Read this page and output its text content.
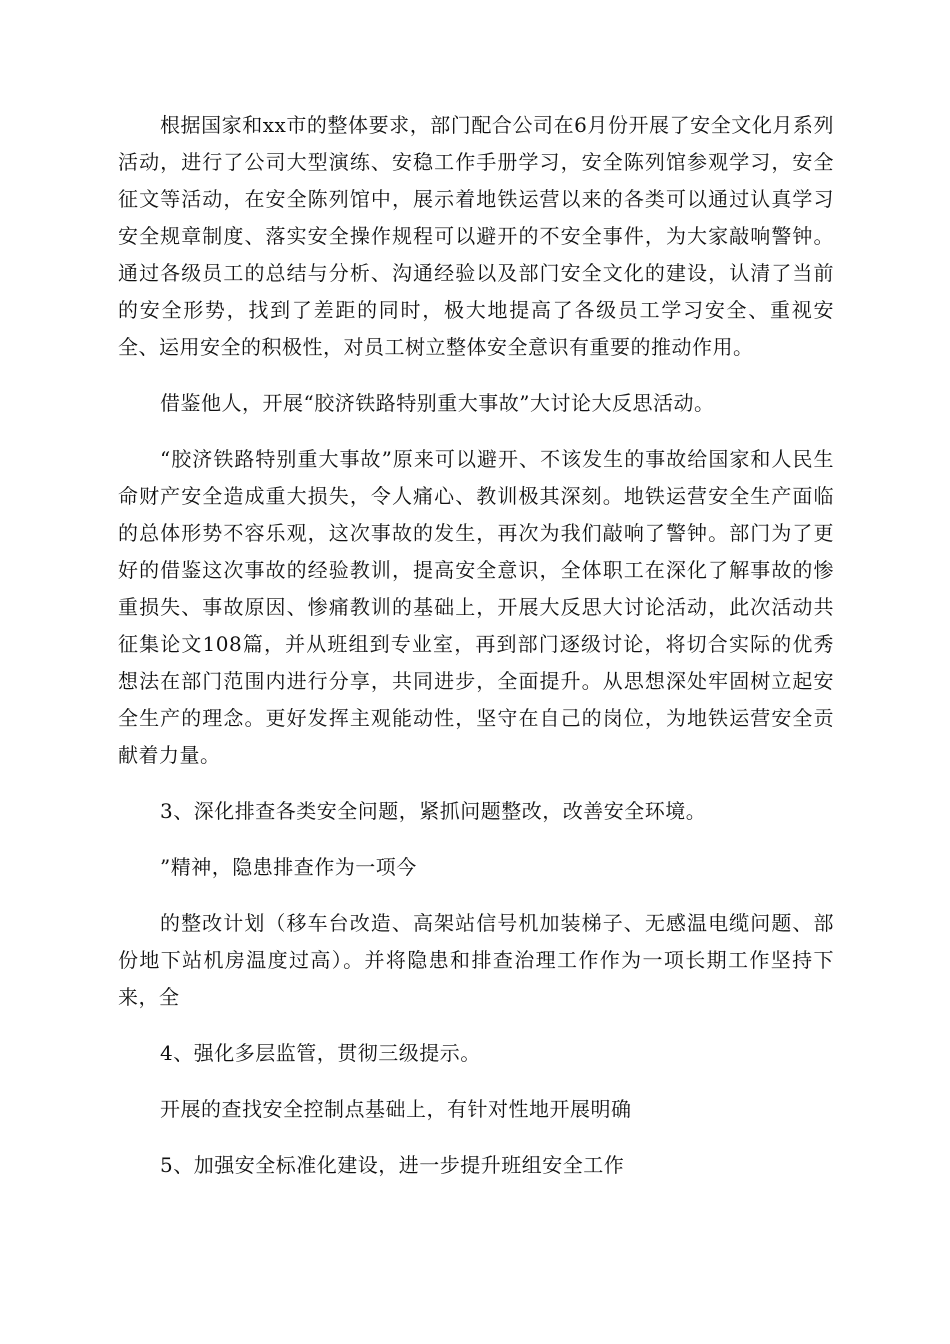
根据国家和xx市的整体要求，部门配合公司在6月份开展了安全文化月系列活动，进行了公司大型演练、安稳工作手册学习，安全陈列馆参观学习，安全征文等活动，在安全陈列馆中，展示着地铁运营以来的各类可以通过认真学习安全规章制度、落实安全操作规程可以避开的不安全事件，为大家敲响警钟。通过各级员工的总结与分析、沟通经验以及部门安全文化的建设，认清了当前的安全形势，找到了差距的同时，极大地提高了各级员工学习安全、重视安全、运用安全的积极性，对员工树立整体安全意识有重要的推动作用。

借鉴他人，开展“胶济铁路特别重大事故”大讨论大反思活动。

“胶济铁路特别重大事故”原来可以避开、不该发生的事故给国家和人民生命财产安全造成重大损失，令人痛心、教训极其深刻。地铁运营安全生产面临的总体形势不容乐观，这次事故的发生，再次为我们敲响了警钟。部门为了更好的借鉴这次事故的经验教训，提高安全意识，全体职工在深化了解事故的惨重损失、事故原因、惨痛教训的基础上，开展大反思大讨论活动，此次活动共征集论文108篇，并从班组到专业室，再到部门逐级讨论，将切合实际的优秀想法在部门范围内进行分享，共同进步，全面提升。从思想深处牢固树立起安全生产的理念。更好发挥主观能动性，坚守在自己的岗位，为地铁运营安全贡献着力量。

3、深化排查各类安全问题，紧抓问题整改，改善安全环境。

”精神，隐患排查作为一项今

的整改计划（移车台改造、高架站信号机加装梯子、无感温电缆问题、部份地下站机房温度过高）。并将隐患和排查治理工作作为一项长期工作坚持下来，全

4、强化多层监管，贯彻三级提示。

开展的查找安全控制点基础上，有针对性地开展明确

5、加强安全标准化建设，进一步提升班组安全工作
